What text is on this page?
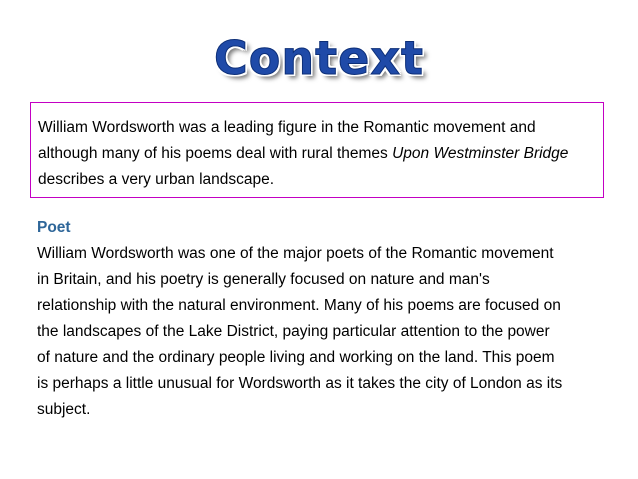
Context

William Wordsworth was a leading figure in the Romantic movement and
although many of his poems deal with rural themes Upon Westminster Bridge
describes a very urban landscape.

Poet

William Wordsworth was one of the major poets of the Romantic movement
in Britain, and his poetry is generally focused on nature and man's
relationship with the natural environment. Many of his poems are focused on
the landscapes of the Lake District, paying particular attention to the power
of nature and the ordinary people living and working on the land. This poem
is perhaps a little unusual for Wordsworth as it takes the city of London as its
subject.
